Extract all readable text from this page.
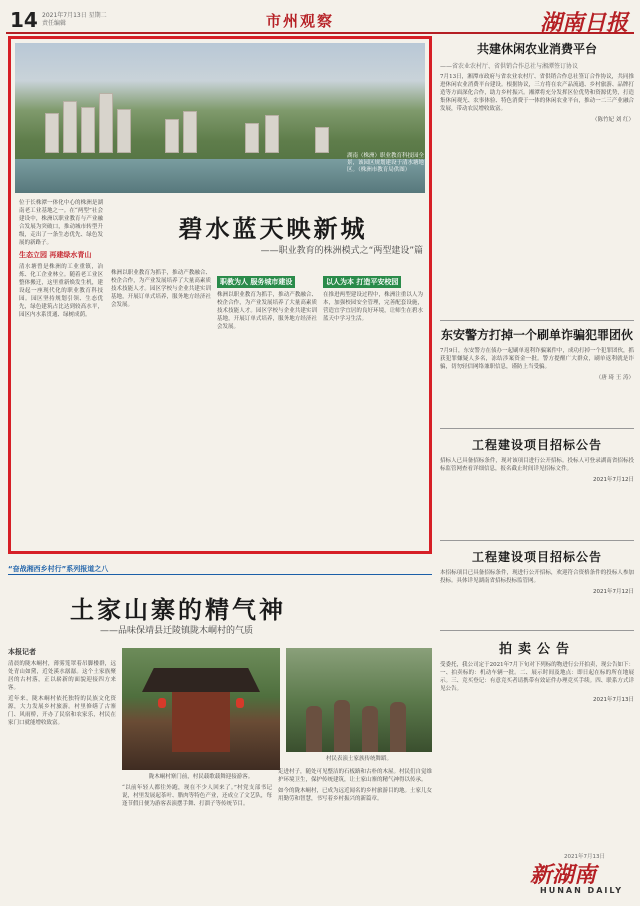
14 2021年7月13日 星期二
责任编辑	市州观察	湖南日报
湖南（株洲）职业教育科技园全景，该园区规划建设于清水塘地区。（株洲市教育局供图）

位于长株潭一体化中心的株洲是湖南老工业基地之一。在“两型”社会建设中，株洲以职业教育与产业融合发展为突破口，推动城市转型升级，走出了一条生态优先、绿色发展的新路子。

生态立园 再建绿水青山

清水塘曾是株洲的工业重镇，冶炼、化工企业林立。随着老工业区整体搬迁，这里重新焕发生机，建设起一座现代化的职业教育科技园。园区坚持规划引领、生态优先，绿色建筑占比达到较高水平，园区内水系贯通、绿树成荫。

碧水蓝天映新城
——职业教育的株洲模式之“两型建设”篇

株洲以职业教育为抓手，推动产教融合、校企合作，为产业发展培养了大量高素质技术技能人才。园区学校与企业共建实训基地，开展订单式培养，服务地方经济社会发展。

职教为人 服务城市建设

株洲以职业教育为抓手，推动产教融合、校企合作，为产业发展培养了大量高素质技术技能人才。园区学校与企业共建实训基地，开展订单式培养，服务地方经济社会发展。

以人为本 打造平安校园

在推进两型建设过程中，株洲注重以人为本，加强校园安全管理，完善配套设施，营造宜学宜居的良好环境，让师生在碧水蓝天中学习生活。

共建休闲农业消费平台
——省农业农村厅、省供销合作总社与湘潭签订协议

7月13日，湘潭市政府与省农业农村厅、省供销合作总社签订合作协议，共同推进休闲农业消费平台建设。根据协议，三方将在农产品流通、乡村旅游、品牌打造等方面深化合作，助力乡村振兴。湘潭将充分发挥区位优势和资源优势，打造集休闲观光、农事体验、特色消费于一体的休闲农业平台，推动一二三产业融合发展，带动农民增收致富。

（陈竹妃 刘 红）
东安警方打掉一个刷单诈骗犯罪团伙

7月9日，东安警方在侦办一起刷单返利诈骗案件中，成功打掉一个犯罪团伙，抓获犯罪嫌疑人多名，冻结涉案资金一批。警方提醒广大群众，刷单返利就是诈骗，切勿轻信网络兼职信息，谨防上当受骗。

（唐 琦 王 涛）
工程建设项目招标公告

招标人已具备招标条件，现对该项目进行公开招标。投标人可登录湖南省招标投标监管网查看详细信息，报名截止时间详见招标文件。

2021年7月12日
工程建设项目招标公告

本招标项目已具备招标条件，现进行公开招标，欢迎符合资格条件的投标人参加投标。具体详见湖南省招标投标监管网。

2021年7月12日
拍卖公告

受委托，我公司定于2021年7月下旬对下列标的物进行公开拍卖，现公告如下：一、拍卖标的：机动车辆一批。二、展示时间及地点：即日起在标的所在地展示。三、竞买登记：有意竞买者请携带有效证件办理竞买手续。四、联系方式详见公告。

2021年7月13日
“奋战湘西乡村行”系列报道之八
土家山寨的精气神
——品味保靖县迁陵镇陇木峒村的气质
本报记者

清晨的陇木峒村，薄雾笼罩着吊脚楼群，远处青山如黛，近处溪水潺潺。这个土家族聚居的古村落，正以崭新的面貌迎接四方来客。

近年来，陇木峒村依托独特的民族文化资源，大力发展乡村旅游。村里修缮了古寨门、风雨桥，开办了民宿和农家乐，村民在家门口就能增收致富。

陇木峒村寨门前，村民载歌载舞迎接游客。
村民表演土家族传统舞蹈。

“以前年轻人都往外跑，现在不少人回来了。”村党支部书记说，村里发展起茶叶、腊肉等特色产业，还成立了文艺队，每逢节假日便为游客表演摆手舞、打溜子等传统节目。

走进村子，随处可见整洁的石板路和古朴的木屋。村民们自觉维护环境卫生，保护传统建筑，让土家山寨的精气神得以传承。

如今的陇木峒村，已成为远近闻名的乡村旅游目的地。土家儿女用勤劳和智慧，书写着乡村振兴的新篇章。

2021年7月13日
新湖南
HUNAN DAILY
